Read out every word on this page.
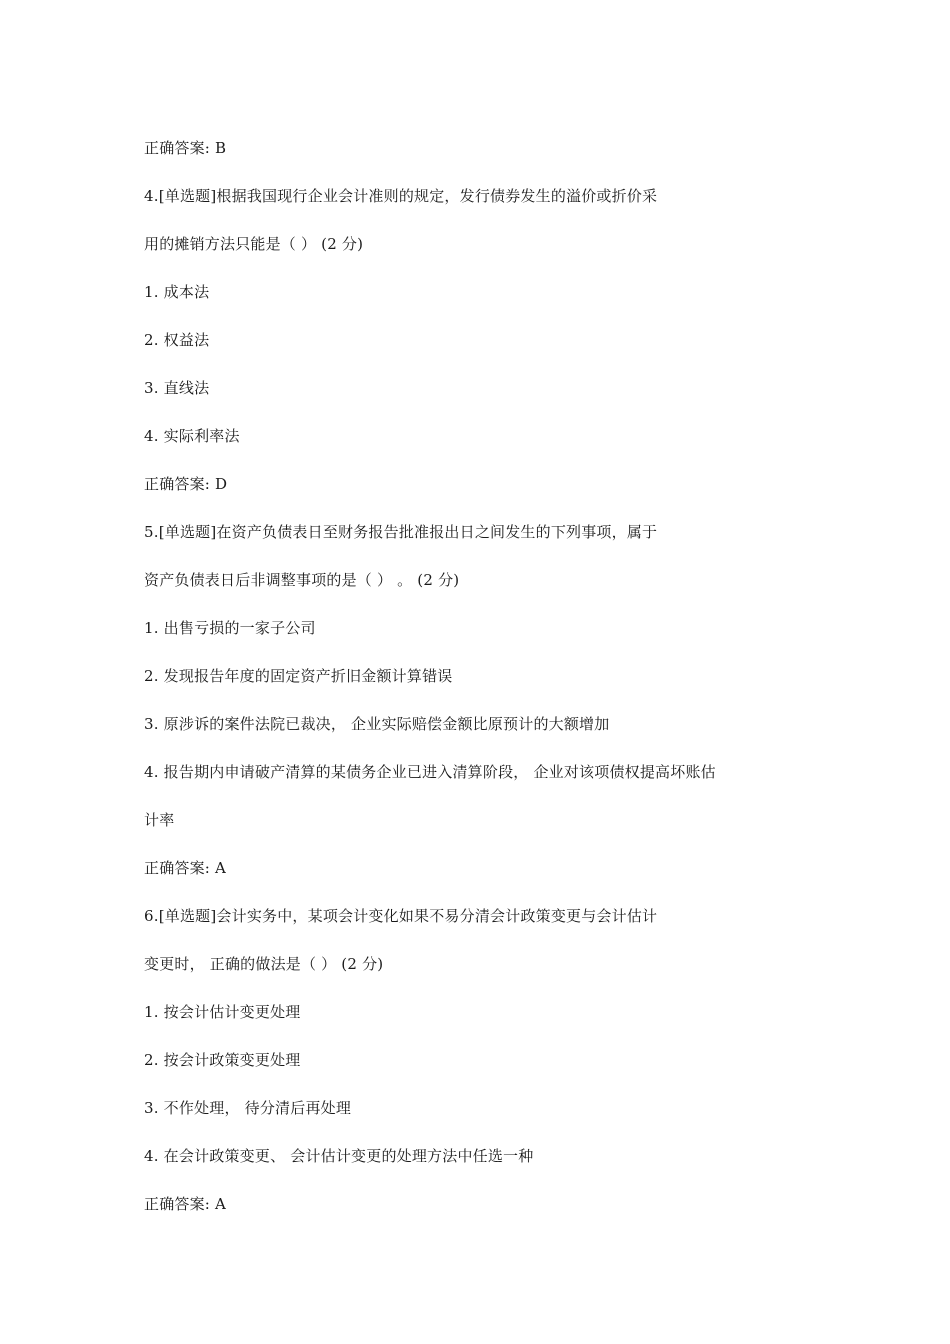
正确答案: B
4.[单选题]根据我国现行企业会计准则的规定，发行债券发生的溢价或折价采
用的摊销方法只能是（ ） (2 分)
1. 成本法
2. 权益法
3. 直线法
4. 实际利率法
正确答案: D
5.[单选题]在资产负债表日至财务报告批准报出日之间发生的下列事项，属于
资产负债表日后非调整事项的是（ ） 。 (2 分)
1. 出售亏损的一家子公司
2. 发现报告年度的固定资产折旧金额计算错误
3. 原涉诉的案件法院已裁决， 企业实际赔偿金额比原预计的大额增加
4. 报告期内申请破产清算的某债务企业已进入清算阶段， 企业对该项债权提高坏账估
计率
正确答案: A
6.[单选题]会计实务中，某项会计变化如果不易分清会计政策变更与会计估计
变更时， 正确的做法是（ ） (2 分)
1. 按会计估计变更处理
2. 按会计政策变更处理
3. 不作处理， 待分清后再处理
4. 在会计政策变更、 会计估计变更的处理方法中任选一种
正确答案: A
